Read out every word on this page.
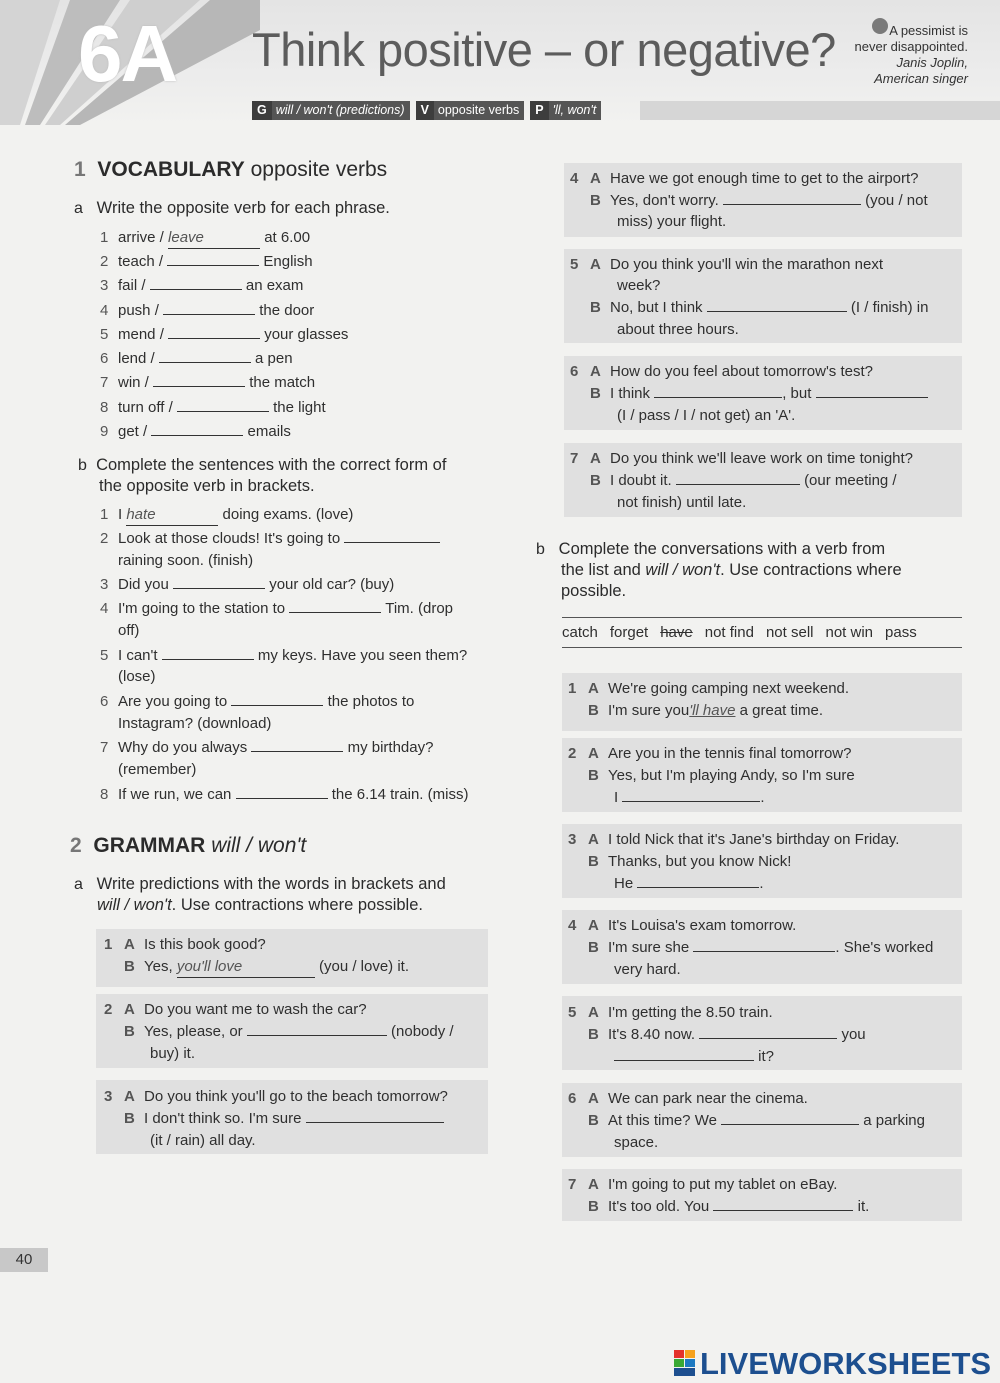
6A Think positive – or negative?	A pessimist is
never disappointed.
Janis Joplin,
American singer
G will / won't (predictions)	V opposite verbs	P 'll, won't
1 VOCABULARY opposite verbs
a Write the opposite verb for each phrase.
1 arrive / leave	at 6.00
2 teach /	English
3 fail /	an exam
4 push /	the door
5 mend /	your glasses
6 lend /	a pen
7 win /	the match
8 turn off /	the light
9 get /	emails
b Complete the sentences with the correct form of
the opposite verb in brackets.
1 I hate	doing exams. (love)
2 Look at those clouds! It's going to
raining soon. (finish)
3 Did you	your old car? (buy)
4 I'm going to the station to	Tim. (drop
off)
5 I can't	my keys. Have you seen them?
(lose)
6 Are you going to	the photos to
Instagram? (download)
7 Why do you always	my birthday?
(remember)
8 If we run, we can	the 6.14 train. (miss)
2 GRAMMAR will / won't
a Write predictions with the words in brackets and
will / won't. Use contractions where possible.
1 A Is this book good?
B Yes, you'll love	(you / love) it.
2 A Do you want me to wash the car?
B Yes, please, or	(nobody /
buy) it.
3 A Do you think you'll go to the beach tomorrow?
B I don't think so. I'm sure
(it / rain) all day.
4 A Have we got enough time to get to the airport?
B Yes, don't worry.	(you / not
miss) your flight.
5 A Do you think you'll win the marathon next
week?
B No, but I think	(I / finish) in
about three hours.
6 A How do you feel about tomorrow's test?
B I think	, but
(I / pass / I / not get) an 'A'.
7 A Do you think we'll leave work on time tonight?
B I doubt it.	(our meeting /
not finish) until late.
b Complete the conversations with a verb from
the list and will / won't. Use contractions where
possible.
catch forget have not find not sell not win pass
1 A We're going camping next weekend.
B I'm sure you'll have a great time.
2 A Are you in the tennis final tomorrow?
B Yes, but I'm playing Andy, so I'm sure
I	.
3 A I told Nick that it's Jane's birthday on Friday.
B Thanks, but you know Nick!
He	.
4 A It's Louisa's exam tomorrow.
B I'm sure she	. She's worked
very hard.
5 A I'm getting the 8.50 train.
B It's 8.40 now.	you
it?
6 A We can park near the cinema.
B At this time? We	a parking
space.
7 A I'm going to put my tablet on eBay.
B It's too old. You	it.
40
LIVEWORKSHEETS
